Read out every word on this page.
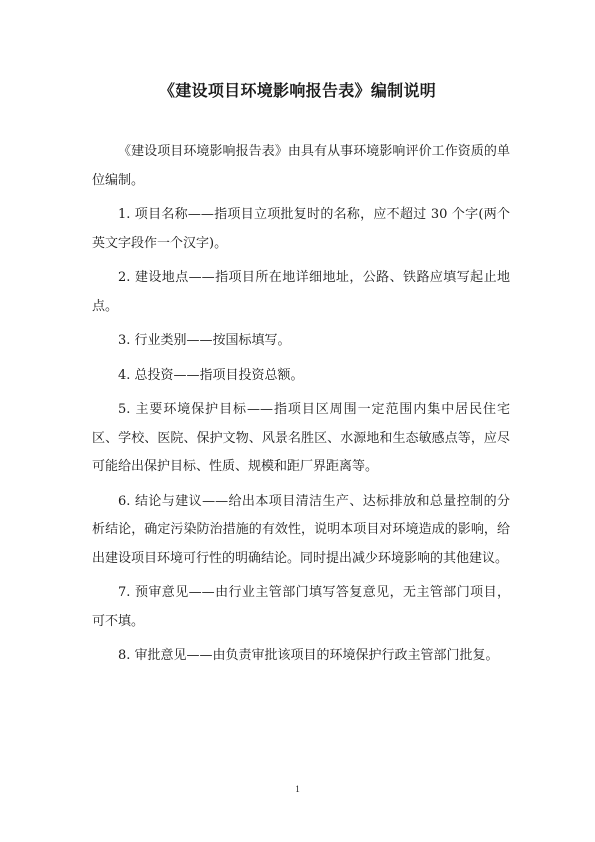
《建设项目环境影响报告表》编制说明

《建设项目环境影响报告表》由具有从事环境影响评价工作资质的单位编制。

1. 项目名称——指项目立项批复时的名称，应不超过 30 个字(两个英文字段作一个汉字)。

2. 建设地点——指项目所在地详细地址，公路、铁路应填写起止地点。

3. 行业类别——按国标填写。

4. 总投资——指项目投资总额。

5. 主要环境保护目标——指项目区周围一定范围内集中居民住宅区、学校、医院、保护文物、风景名胜区、水源地和生态敏感点等，应尽可能给出保护目标、性质、规模和距厂界距离等。

6. 结论与建议——给出本项目清洁生产、达标排放和总量控制的分析结论，确定污染防治措施的有效性，说明本项目对环境造成的影响，给出建设项目环境可行性的明确结论。同时提出减少环境影响的其他建议。

7. 预审意见——由行业主管部门填写答复意见，无主管部门项目，可不填。

8. 审批意见——由负责审批该项目的环境保护行政主管部门批复。

1
